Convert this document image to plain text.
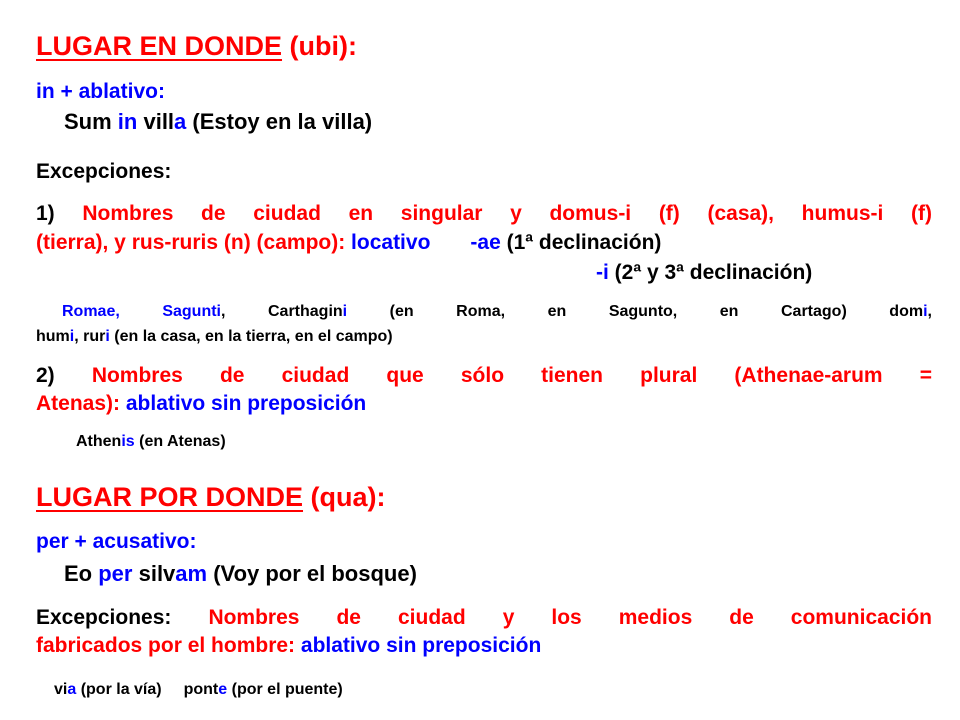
LUGAR EN DONDE (ubi):
in + ablativo:
Sum in villa (Estoy en la villa)
Excepciones:
1) Nombres de ciudad en singular y domus-i (f) (casa), humus-i (f)
(tierra), y rus-ruris (n) (campo): locativo -ae (1ª declinación)
-i (2ª y 3ª declinación)
Romae,	Sagunti,	Carthagini	(en	Roma,	en	Sagunto,	en	Cartago)	domi,
humi, ruri (en la casa, en la tierra, en el campo)
2) Nombres de ciudad que sólo tienen plural (Athenae-arum =
Atenas): ablativo sin preposición
Athenis (en Atenas)
LUGAR POR DONDE (qua):
per + acusativo:
Eo per silvam (Voy por el bosque)
Excepciones: Nombres de ciudad y los medios de comunicación
fabricados por el hombre: ablativo sin preposición
via (por la vía) ponte (por el puente)
